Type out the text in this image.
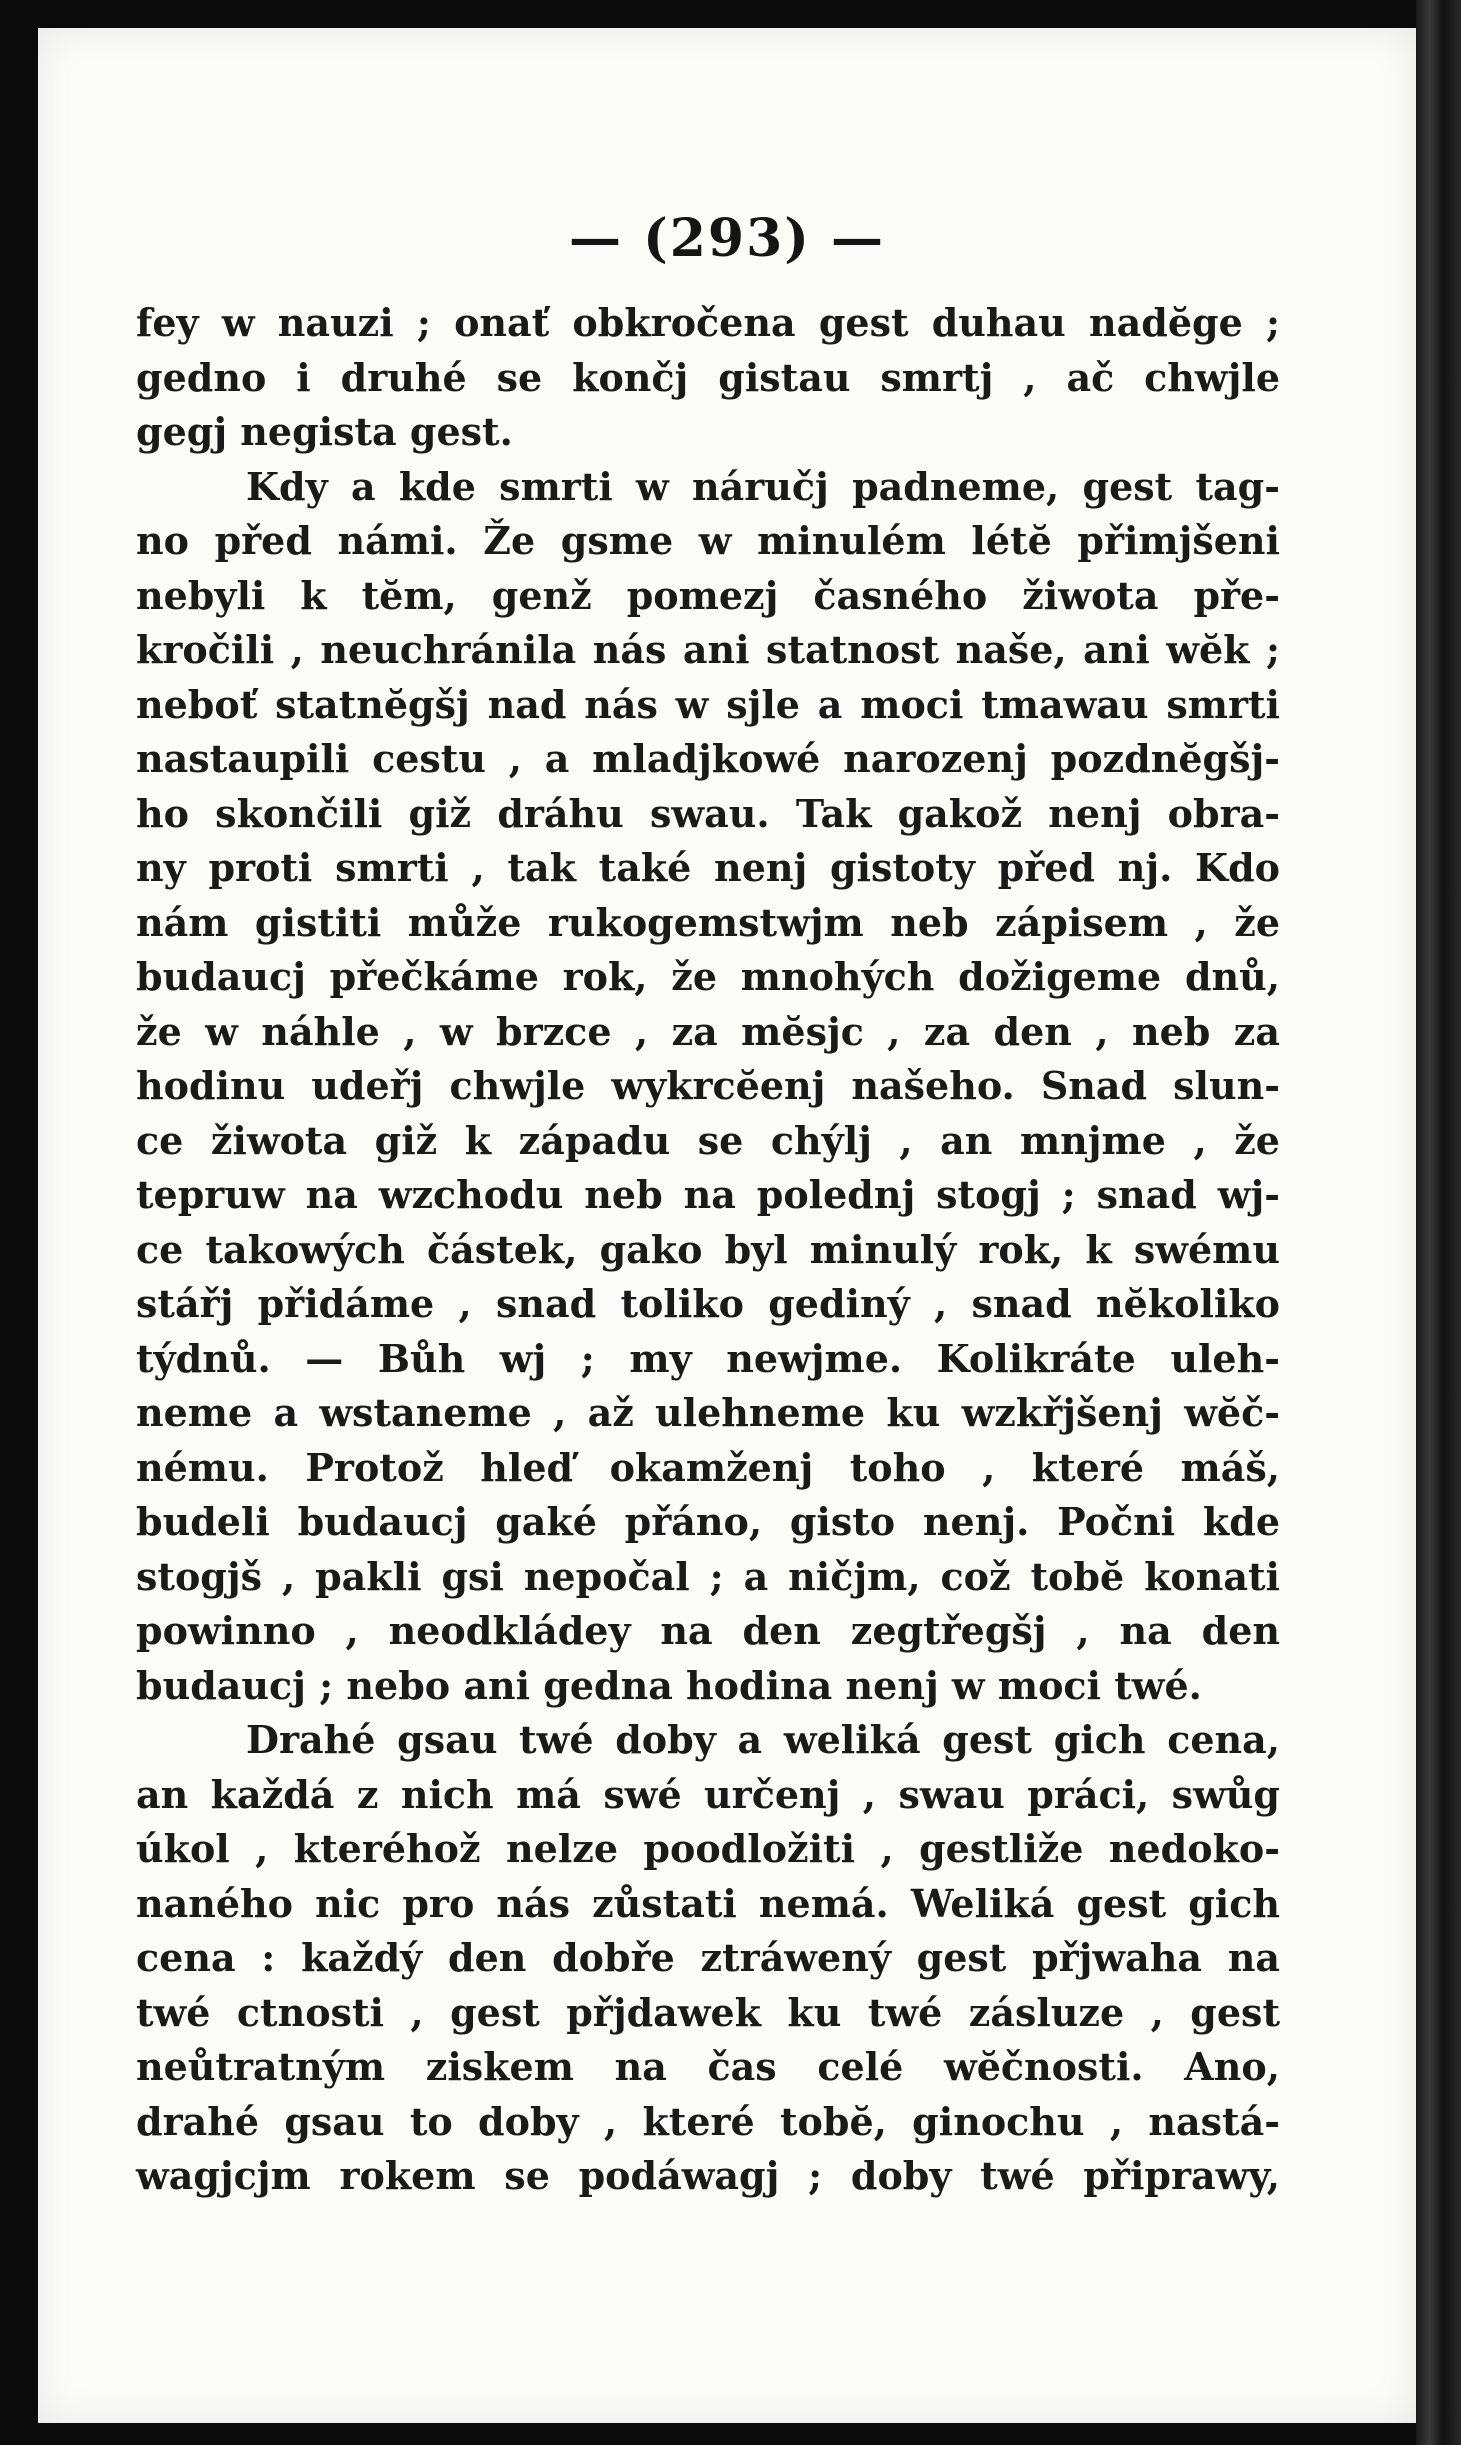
— (293) —
fey w nauzi ; onať obkročena gest duhau nadĕge ;
gedno i druhé se končj gistau smrtj , ač chwjle
gegj negista gest.
Kdy a kde smrti w náručj padneme, gest tag-
no před námi. Že gsme w minulém létĕ přimjšeni
nebyli k tĕm, genž pomezj časného žiwota pře-
kročili , neuchránila nás ani statnost naše, ani wĕk ;
neboť statnĕgšj nad nás w sjle a moci tmawau smrti
nastaupili cestu , a mladjkowé narozenj pozdnĕgšj-
ho skončili giž dráhu swau. Tak gakož nenj obra-
ny proti smrti , tak také nenj gistoty před nj. Kdo
nám gistiti může rukogemstwjm neb zápisem , že
budaucj přečkáme rok, že mnohých dožigeme dnů,
že w náhle , w brzce , za mĕsjc , za den , neb za
hodinu udeřj chwjle wykrcĕenj našeho. Snad slun-
ce žiwota giž k západu se chýlj , an mnjme , že
tepruw na wzchodu neb na polednj stogj ; snad wj-
ce takowých částek, gako byl minulý rok, k swému
stářj přidáme , snad toliko gediný , snad nĕkoliko
týdnů. — Bůh wj ; my newjme. Kolikráte uleh-
neme a wstaneme , až ulehneme ku wzkřjšenj wĕč-
nému. Protož hleď okamženj toho , které máš,
budeli budaucj gaké přáno, gisto nenj. Počni kde
stogjš , pakli gsi nepočal ; a ničjm, což tobĕ konati
powinno , neodkládey na den zegtřegšj , na den
budaucj ; nebo ani gedna hodina nenj w moci twé.
Drahé gsau twé doby a weliká gest gich cena,
an každá z nich má swé určenj , swau práci, swůg
úkol , kteréhož nelze poodložiti , gestliže nedoko-
naného nic pro nás zůstati nemá. Weliká gest gich
cena : každý den dobře ztráwený gest přjwaha na
twé ctnosti , gest přjdawek ku twé zásluze , gest
neůtratným ziskem na čas celé wĕčnosti. Ano,
drahé gsau to doby , které tobĕ, ginochu , nastá-
wagjcjm rokem se podáwagj ; doby twé připrawy,
